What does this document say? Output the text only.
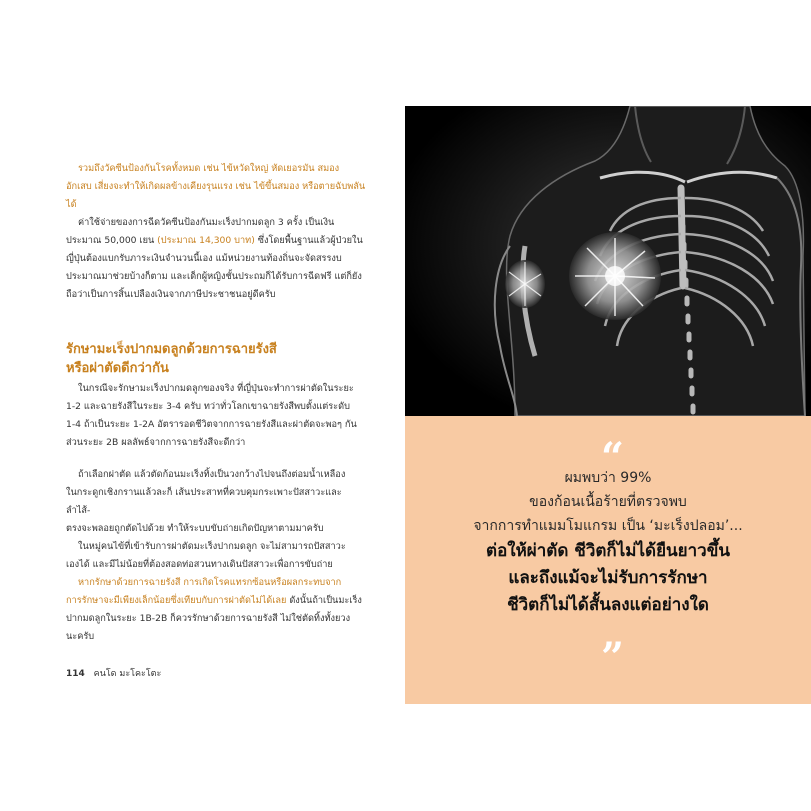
รวมถึงวัคซีนป้องกันโรคทั้งหมด เช่น ไข้หวัดใหญ่ หัดเยอรมัน สมอง
อักเสบ เสี่ยงจะทำให้เกิดผลข้างเคียงรุนแรง เช่น ไข้ขึ้นสมอง หรือตายฉับพลัน
ได้

ค่าใช้จ่ายของการฉีดวัคซีนป้องกันมะเร็งปากมดลูก 3 ครั้ง เป็นเงิน
ประมาณ 50,000 เยน (ประมาณ 14,300 บาท) ซึ่งโดยพื้นฐานแล้วผู้ป่วยใน
ญี่ปุ่นต้องแบกรับภาระเงินจำนวนนี้เอง แม้หน่วยงานท้องถิ่นจะจัดสรรงบ
ประมาณมาช่วยบ้างก็ตาม และเด็กผู้หญิงชั้นประถมก็ได้รับการฉีดฟรี แต่ก็ยัง
ถือว่าเป็นการสิ้นเปลืองเงินจากภาษีประชาชนอยู่ดีครับ

รักษามะเร็งปากมดลูกด้วยการฉายรังสี
หรือผ่าตัดดีกว่ากัน

ในกรณีจะรักษามะเร็งปากมดลูกของจริง ที่ญี่ปุ่นจะทำการผ่าตัดในระยะ
1-2 และฉายรังสีในระยะ 3-4 ครับ ทว่าทั่วโลกเขาฉายรังสีพบตั้งแต่ระดับ
1-4 ถ้าเป็นระยะ 1-2A อัตรารอดชีวิตจากการฉายรังสีและผ่าตัดจะพอๆ กัน
ส่วนระยะ 2B ผลลัพธ์จากการฉายรังสีจะดีกว่า

ถ้าเลือกผ่าตัด แล้วตัดก้อนมะเร็งทิ้งเป็นวงกว้างไปจนถึงต่อมน้ำเหลือง
ในกระดูกเชิงกรานแล้วละก็ เส้นประสาทที่ควบคุมกระเพาะปัสสาวะและลำไส้-
ตรงจะพลอยถูกตัดไปด้วย ทำให้ระบบขับถ่ายเกิดปัญหาตามมาครับ

ในหมู่คนไข้ที่เข้ารับการผ่าตัดมะเร็งปากมดลูก จะไม่สามารถปัสสาวะ
เองได้ และมีไม่น้อยที่ต้องสอดท่อสวนทางเดินปัสสาวะเพื่อการขับถ่าย

หากรักษาด้วยการฉายรังสี การเกิดโรคแทรกซ้อนหรือผลกระทบจาก
การรักษาจะมีเพียงเล็กน้อยซึ่งเทียบกับการผ่าตัดไม่ได้เลย ดังนั้นถ้าเป็นมะเร็ง
ปากมดลูกในระยะ 1B-2B ก็ควรรักษาด้วยการฉายรังสี ไม่ใช่ตัดทิ้งทั้งยวง
นะครับ

114 คนโด มะโคะโตะ
“
ผมพบว่า 99%
ของก้อนเนื้อร้ายที่ตรวจพบ
จากการทำแมมโมแกรม เป็น ‘มะเร็งปลอม’...
ต่อให้ผ่าตัด ชีวิตก็ไม่ได้ยืนยาวขึ้น
และถึงแม้จะไม่รับการรักษา
ชีวิตก็ไม่ได้สั้นลงแต่อย่างใด
”
